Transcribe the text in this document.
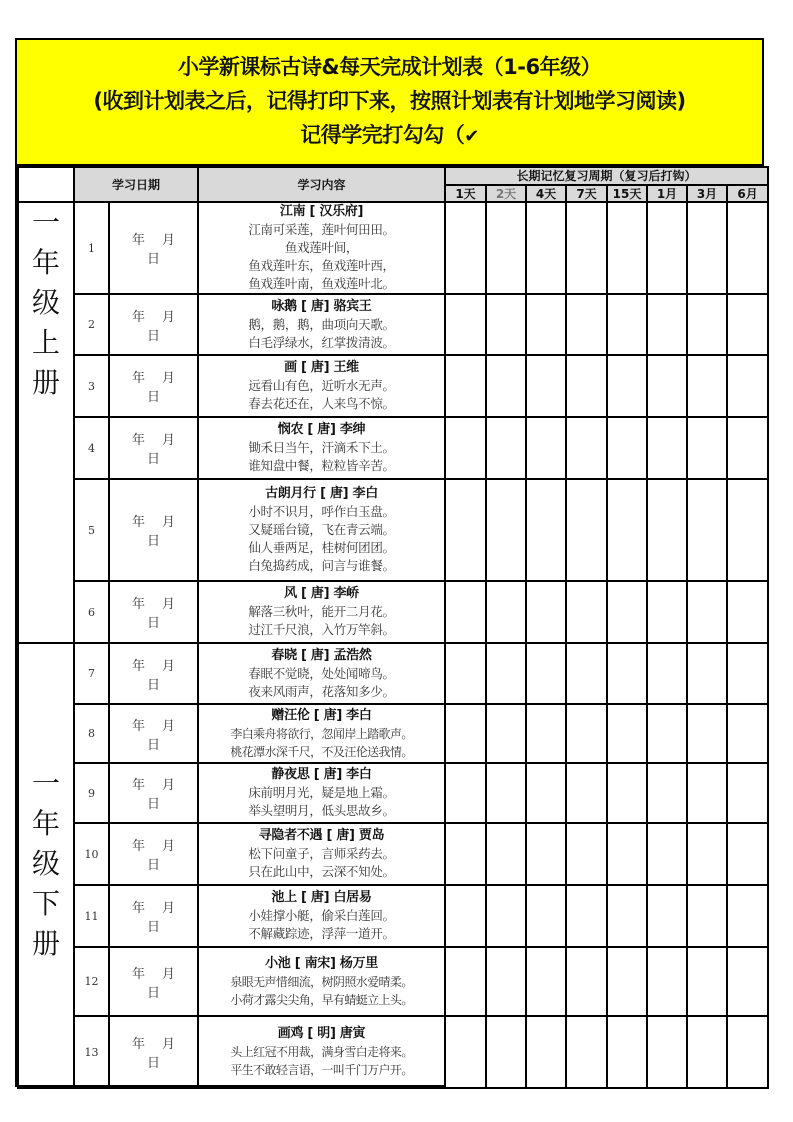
小学新课标古诗&每天完成计划表（1-6年级）
(收到计划表之后，记得打印下来，按照计划表有计划地学习阅读)
记得学完打勾勾（✔
	学习日期		学习内容	长期记忆复习周期（复习后打钩）							
				1天	2天	4天	7天	15天	1月	3月	6月

一
年
级
上
册	1	年 月日	江南 [ 汉乐府]
江南可采莲，莲叶何田田。
鱼戏莲叶间，
鱼戏莲叶东，鱼戏莲叶西，
鱼戏莲叶南，鱼戏莲叶北。								

	2	年 月日	咏鹅 [ 唐] 骆宾王
鹅，鹅，鹅，曲项向天歌。
白毛浮绿水，红掌拨清波。								

	3	年 月日	画 [ 唐] 王维
远看山有色，近听水无声。
春去花还在，人来鸟不惊。								

	4	年 月日	悯农 [ 唐] 李绅
锄禾日当午，汗滴禾下土。
谁知盘中餐，粒粒皆辛苦。								

	5	年 月日	古朗月行 [ 唐] 李白
小时不识月，呼作白玉盘。
又疑瑶台镜，飞在青云端。
仙人垂两足，桂树何团团。
白兔捣药成，问言与谁餐。								

	6	年 月日	风 [ 唐] 李峤
解落三秋叶，能开二月花。
过江千尺浪，入竹万竿斜。								

一
年
级
下
册	7	年 月日	春晓 [ 唐] 孟浩然
春眠不觉晓，处处闻啼鸟。
夜来风雨声，花落知多少。								

	8	年 月日	赠汪伦 [ 唐] 李白
李白乘舟将欲行，忽闻岸上踏歌声。
桃花潭水深千尺，不及汪伦送我情。								

	9	年 月日	静夜思 [ 唐] 李白
床前明月光，疑是地上霜。
举头望明月，低头思故乡。								

	10	年 月日	寻隐者不遇 [ 唐] 贾岛
松下问童子，言师采药去。
只在此山中，云深不知处。								

	11	年 月日	池上 [ 唐] 白居易
小娃撑小艇，偷采白莲回。
不解藏踪迹，浮萍一道开。								

	12	年 月日	小池 [ 南宋] 杨万里
泉眼无声惜细流，树阴照水爱晴柔。
小荷才露尖尖角，早有蜻蜓立上头。								

	13	年 月日	画鸡 [ 明] 唐寅
头上红冠不用裁，满身雪白走将来。
平生不敢轻言语，一叫千门万户开。								
